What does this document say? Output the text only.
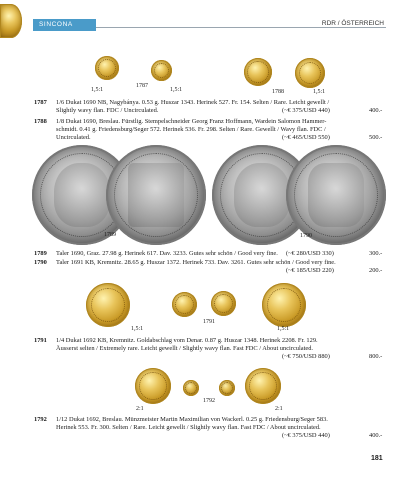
SINCONA	RDR / ÖSTERREICH
1,5:1
1787
1,5:1	1788	1,5:1
1787 1/6 Dukat 1690 NB, Nagybánya. 0.53 g. Huszar 1343. Herinek 527. Fr. 154. Selten / Rare. Leicht gewellt /
Slightly wavy flan. FDC / Uncirculated.	(~€ 375/USD 440)	400.-
1788 1/8 Dukat 1690, Breslau. Fürstlig. Stempelschneider Georg Franz Hoffmann, Wardein Salomon Hammer-
schmidt. 0.41 g. Friedensburg/Seger 572. Herinek 536. Fr. 298. Selten / Rare. Gewellt / Wavy flan. FDC /
Uncirculated.	(~€ 465/USD 550)	500.-
1789	1790
1789 Taler 1690, Graz. 27.98 g. Herinek 617. Dav. 3233. Gutes sehr schön / Good very fine. (~€ 280/USD 330)	300.-
1790 Taler 1691 KB, Kremnitz. 28.65 g. Huszar 1372. Herinek 733. Dav. 3261. Gutes sehr schön / Good very fine.
(~€ 185/USD 220)	200.-
1791
1,5:1	1,5:1
1791 1/4 Dukat 1692 KB, Kremnitz. Goldabschlag vom Denar. 0.87 g. Huszar 1348. Herinek 2208. Fr. 129.
Äusserst selten / Extremely rare. Leicht gewellt / Slightly wavy flan. Fast FDC / About uncirculated.
(~€ 750/USD 880)	800.-
1792
2:1	2:1
1792 1/12 Dukat 1692, Breslau. Münzmeister Martin Maximilian von Wackerl. 0.25 g. Friedensburg/Seger 583.
Herinek 553. Fr. 300. Selten / Rare. Leicht gewellt / Slightly wavy flan. Fast FDC / About uncirculated.
(~€ 375/USD 440)	400.-
181
